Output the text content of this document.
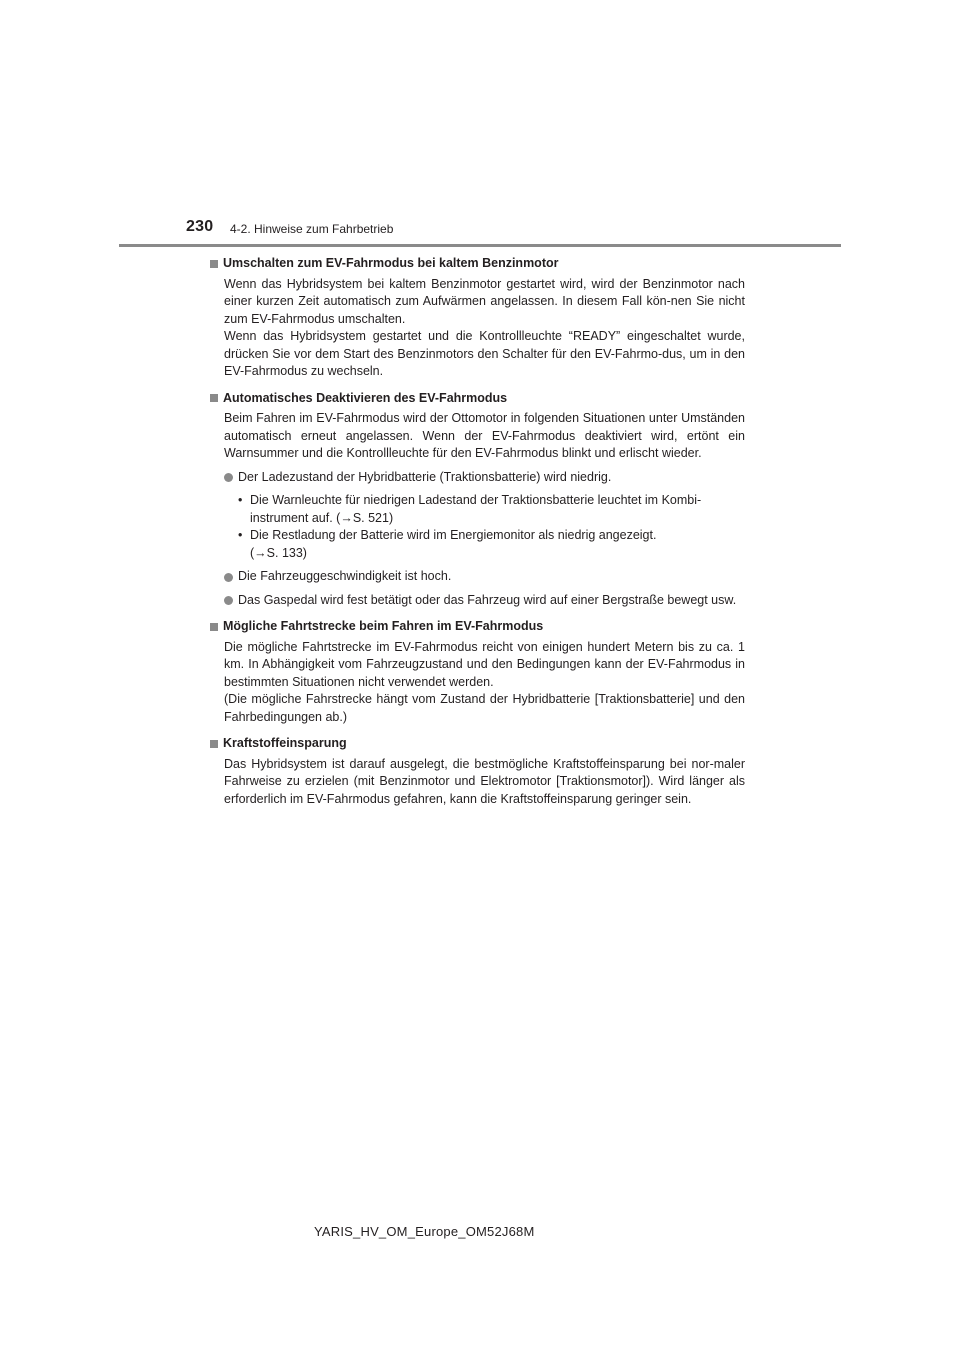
230 4-2. Hinweise zum Fahrbetrieb
Umschalten zum EV-Fahrmodus bei kaltem Benzinmotor

Wenn das Hybridsystem bei kaltem Benzinmotor gestartet wird, wird der Benzinmotor nach einer kurzen Zeit automatisch zum Aufwärmen angelassen. In diesem Fall kön-nen Sie nicht zum EV-Fahrmodus umschalten.

Wenn das Hybridsystem gestartet und die Kontrollleuchte “READY” eingeschaltet wurde, drücken Sie vor dem Start des Benzinmotors den Schalter für den EV-Fahrmo-dus, um in den EV-Fahrmodus zu wechseln.

Automatisches Deaktivieren des EV-Fahrmodus

Beim Fahren im EV-Fahrmodus wird der Ottomotor in folgenden Situationen unter Umständen automatisch erneut angelassen. Wenn der EV-Fahrmodus deaktiviert wird, ertönt ein Warnsummer und die Kontrollleuchte für den EV-Fahrmodus blinkt und erlischt wieder.

Der Ladezustand der Hybridbatterie (Traktionsbatterie) wird niedrig.
• Die Warnleuchte für niedrigen Ladestand der Traktionsbatterie leuchtet im Kombi-
instrument auf. (→S. 521)
• Die Restladung der Batterie wird im Energiemonitor als niedrig angezeigt.
(→S. 133)
Die Fahrzeuggeschwindigkeit ist hoch.
Das Gaspedal wird fest betätigt oder das Fahrzeug wird auf einer Bergstraße bewegt usw.
Mögliche Fahrtstrecke beim Fahren im EV-Fahrmodus

Die mögliche Fahrtstrecke im EV-Fahrmodus reicht von einigen hundert Metern bis zu ca. 1 km. In Abhängigkeit vom Fahrzeugzustand und den Bedingungen kann der EV-Fahrmodus in bestimmten Situationen nicht verwendet werden.

(Die mögliche Fahrstrecke hängt vom Zustand der Hybridbatterie [Traktionsbatterie] und den Fahrbedingungen ab.)

Kraftstoffeinsparung

Das Hybridsystem ist darauf ausgelegt, die bestmögliche Kraftstoffeinsparung bei nor-maler Fahrweise zu erzielen (mit Benzinmotor und Elektromotor [Traktionsmotor]). Wird länger als erforderlich im EV-Fahrmodus gefahren, kann die Kraftstoffeinsparung geringer sein.

YARIS_HV_OM_Europe_OM52J68M
